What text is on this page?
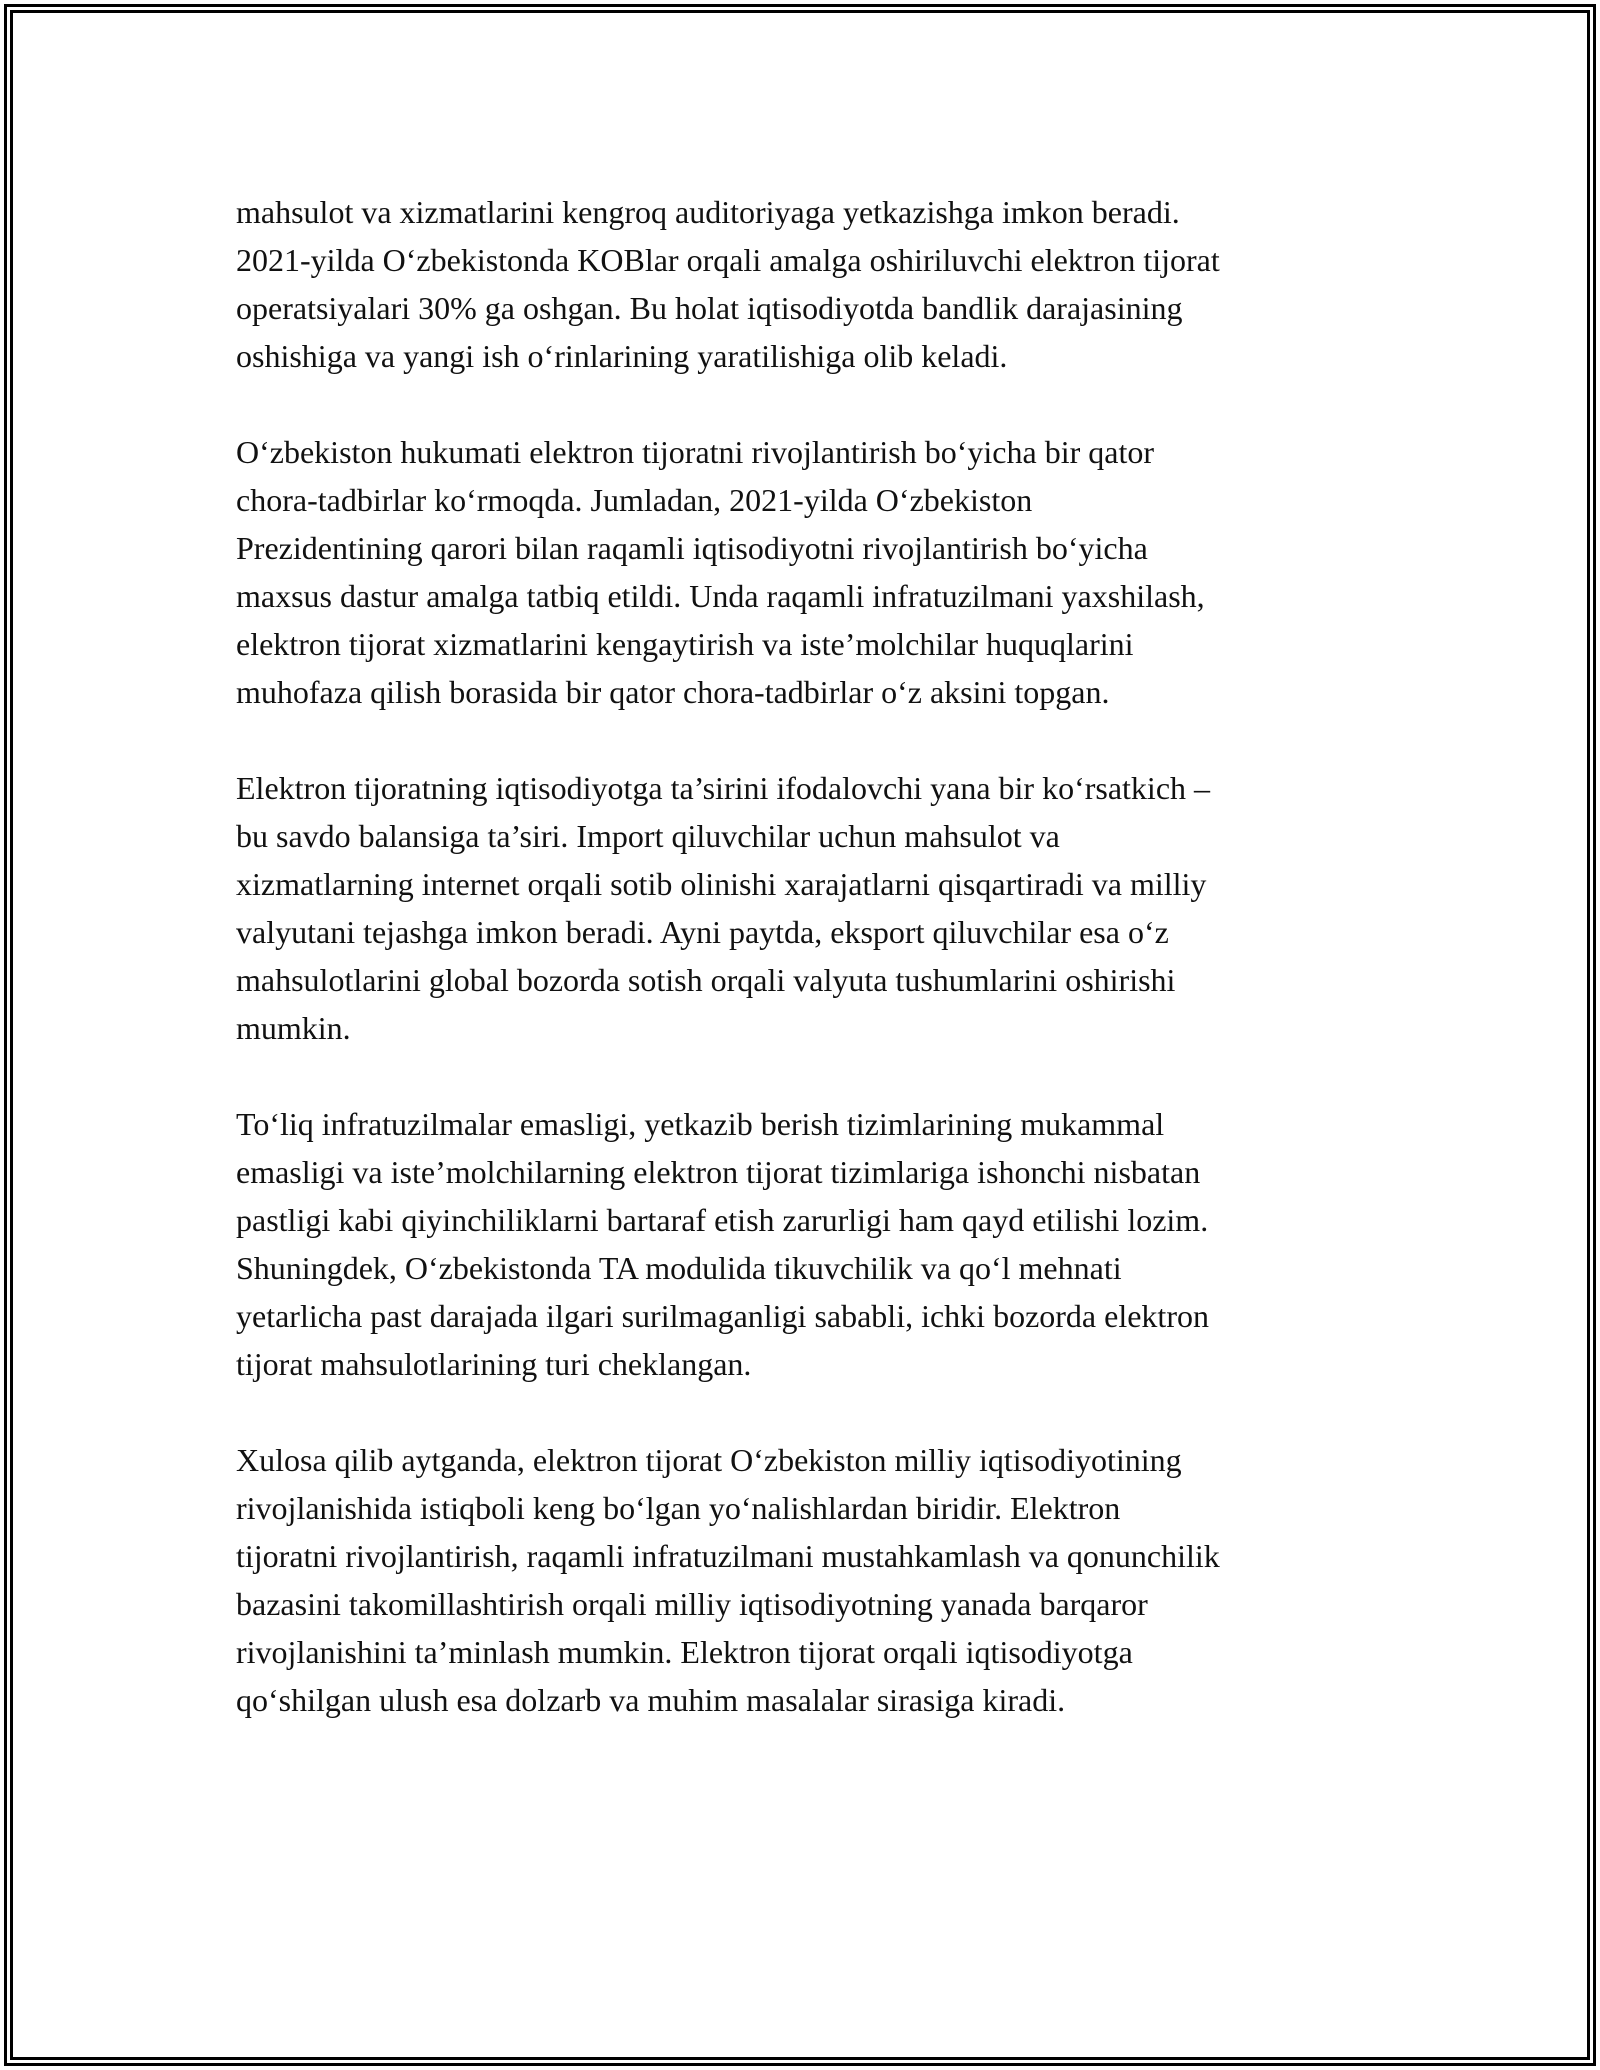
mahsulot va xizmatlarini kengroq auditoriyaga yetkazishga imkon beradi.
2021-yilda O‘zbekistonda KOBlar orqali amalga oshiriluvchi elektron tijorat
operatsiyalari 30% ga oshgan. Bu holat iqtisodiyotda bandlik darajasining
oshishiga va yangi ish o‘rinlarining yaratilishiga olib keladi.

O‘zbekiston hukumati elektron tijoratni rivojlantirish bo‘yicha bir qator
chora-tadbirlar ko‘rmoqda. Jumladan, 2021-yilda O‘zbekiston
Prezidentining qarori bilan raqamli iqtisodiyotni rivojlantirish bo‘yicha
maxsus dastur amalga tatbiq etildi. Unda raqamli infratuzilmani yaxshilash,
elektron tijorat xizmatlarini kengaytirish va iste’molchilar huquqlarini
muhofaza qilish borasida bir qator chora-tadbirlar o‘z aksini topgan.

Elektron tijoratning iqtisodiyotga ta’sirini ifodalovchi yana bir ko‘rsatkich –
bu savdo balansiga ta’siri. Import qiluvchilar uchun mahsulot va
xizmatlarning internet orqali sotib olinishi xarajatlarni qisqartiradi va milliy
valyutani tejashga imkon beradi. Ayni paytda, eksport qiluvchilar esa o‘z
mahsulotlarini global bozorda sotish orqali valyuta tushumlarini oshirishi
mumkin.

To‘liq infratuzilmalar emasligi, yetkazib berish tizimlarining mukammal
emasligi va iste’molchilarning elektron tijorat tizimlariga ishonchi nisbatan
pastligi kabi qiyinchiliklarni bartaraf etish zarurligi ham qayd etilishi lozim.
Shuningdek, O‘zbekistonda TA modulida tikuvchilik va qo‘l mehnati
yetarlicha past darajada ilgari surilmaganligi sababli, ichki bozorda elektron
tijorat mahsulotlarining turi cheklangan.

Xulosa qilib aytganda, elektron tijorat O‘zbekiston milliy iqtisodiyotining
rivojlanishida istiqboli keng bo‘lgan yo‘nalishlardan biridir. Elektron
tijoratni rivojlantirish, raqamli infratuzilmani mustahkamlash va qonunchilik
bazasini takomillashtirish orqali milliy iqtisodiyotning yanada barqaror
rivojlanishini ta’minlash mumkin. Elektron tijorat orqali iqtisodiyotga
qo‘shilgan ulush esa dolzarb va muhim masalalar sirasiga kiradi.
